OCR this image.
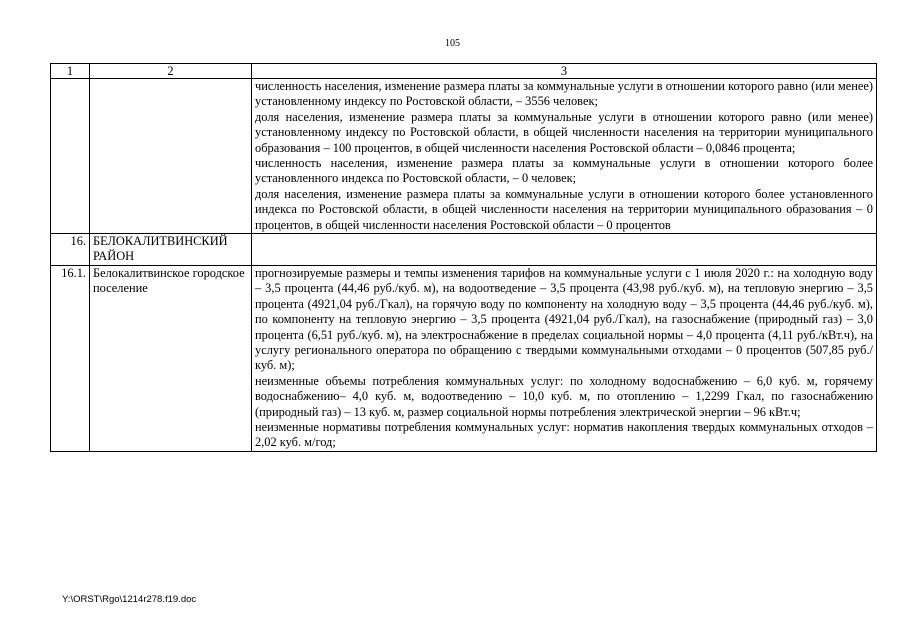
105
1	2	3

		численность населения, изменение размера платы за коммунальные услуги в отношении которого равно (или менее) установленному индексу по Ростовской области, – 3556 человек;

доля населения, изменение размера платы за коммунальные услуги в отношении которого равно (или менее) установленному индексу по Ростовской области, в общей численности населения на территории муниципального образования – 100 процентов, в общей численности населения Ростовской области – 0,0846 процента;

численность населения, изменение размера платы за коммунальные услуги в отношении которого более установленного индекса по Ростовской области, – 0 человек;

доля населения, изменение размера платы за коммунальные услуги в отношении которого более установленного индекса по Ростовской области, в общей численности населения на территории муниципального образования – 0 процентов, в общей численности населения Ростовской области – 0 процентов

16.	БЕЛОКАЛИТВИНСКИЙ РАЙОН	
16.1.	Белокалитвинское городское поселение	прогнозируемые размеры и темпы изменения тарифов на коммунальные услуги с 1 июля 2020 г.: на холодную воду – 3,5 процента (44,46 руб./куб. м), на водоотведение – 3,5 процента (43,98 руб./куб. м), на тепловую энергию – 3,5 процента (4921,04 руб./Гкал), на горячую воду по компоненту на холодную воду – 3,5 процента (44,46 руб./куб. м), по компоненту на тепловую энергию – 3,5 процента (4921,04 руб./Гкал), на газоснабжение (природный газ) – 3,0 процента (6,51 руб./куб. м), на электроснабжение в пределах социальной нормы – 4,0 процента (4,11 руб./кВт.ч), на услугу регионального оператора по обращению с твердыми коммунальными отходами – 0 процентов (507,85 руб./куб. м);

неизменные объемы потребления коммунальных услуг: по холодному водоснабжению – 6,0 куб. м, горячему водоснабжению– 4,0 куб. м, водоотведению – 10,0 куб. м, по отоплению – 1,2299 Гкал, по газоснабжению (природный газ) – 13 куб. м, размер социальной нормы потребления электрической энергии – 96 кВт.ч;

неизменные нормативы потребления коммунальных услуг: норматив накопления твердых коммунальных отходов – 2,02 куб. м/год;

Y:\ORST\Rgo\1214r278.f19.doc
